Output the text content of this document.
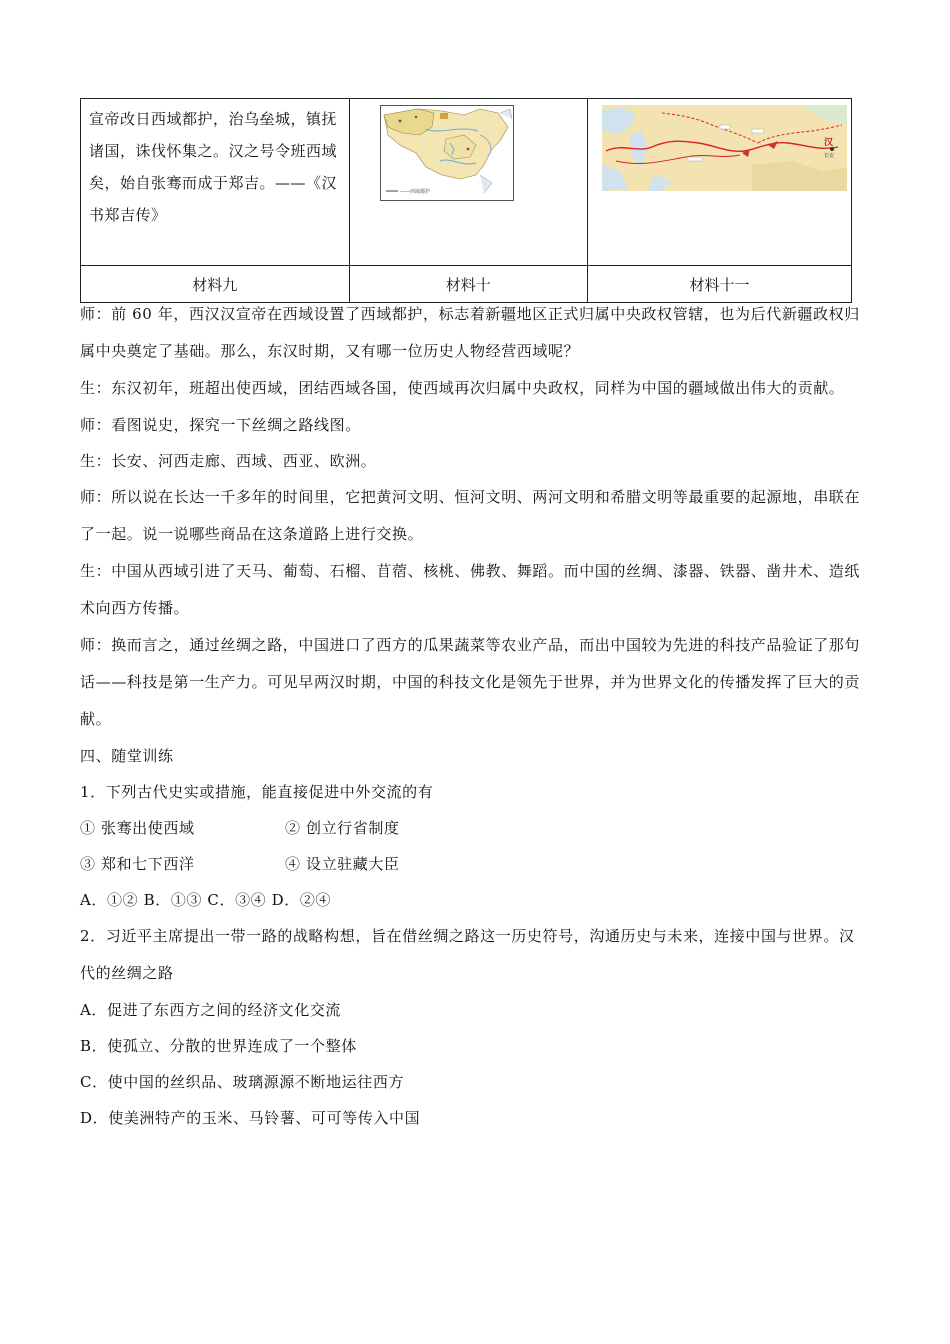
宣帝改日西域都护，治乌垒城，镇抚诸国，诛伐怀集之。汉之号令班西域矣，始自张骞而成于郑吉。——《汉书郑吉传》	——西域都护	汉
长安

材料九	材料十	材料十一

师：前 60 年，西汉汉宣帝在西域设置了西域都护，标志着新疆地区正式归属中央政权管辖，也为后代新疆政权归属中央奠定了基础。那么，东汉时期，又有哪一位历史人物经营西域呢？

生：东汉初年，班超出使西域，团结西域各国，使西域再次归属中央政权，同样为中国的疆域做出伟大的贡献。

师：看图说史，探究一下丝绸之路线图。

生：长安、河西走廊、西域、西亚、欧洲。

师：所以说在长达一千多年的时间里，它把黄河文明、恒河文明、两河文明和希腊文明等最重要的起源地，串联在了一起。说一说哪些商品在这条道路上进行交换。

生：中国从西域引进了天马、葡萄、石榴、苜蓿、核桃、佛教、舞蹈。而中国的丝绸、漆器、铁器、凿井术、造纸术向西方传播。

师：换而言之，通过丝绸之路，中国进口了西方的瓜果蔬菜等农业产品，而出中国较为先进的科技产品验证了那句话——科技是第一生产力。可见早两汉时期，中国的科技文化是领先于世界，并为世界文化的传播发挥了巨大的贡献。

四、随堂训练

1．下列古代史实或措施，能直接促进中外交流的有

① 张骞出使西域	② 创立行省制度
③ 郑和七下西洋	④ 设立驻藏大臣

A．①② B．①③ C．③④ D．②④

2．习近平主席提出一带一路的战略构想，旨在借丝绸之路这一历史符号，沟通历史与未来，连接中国与世界。汉代的丝绸之路

A．促进了东西方之间的经济文化交流

B．使孤立、分散的世界连成了一个整体

C．使中国的丝织品、玻璃源源不断地运往西方

D．使美洲特产的玉米、马铃薯、可可等传入中国
